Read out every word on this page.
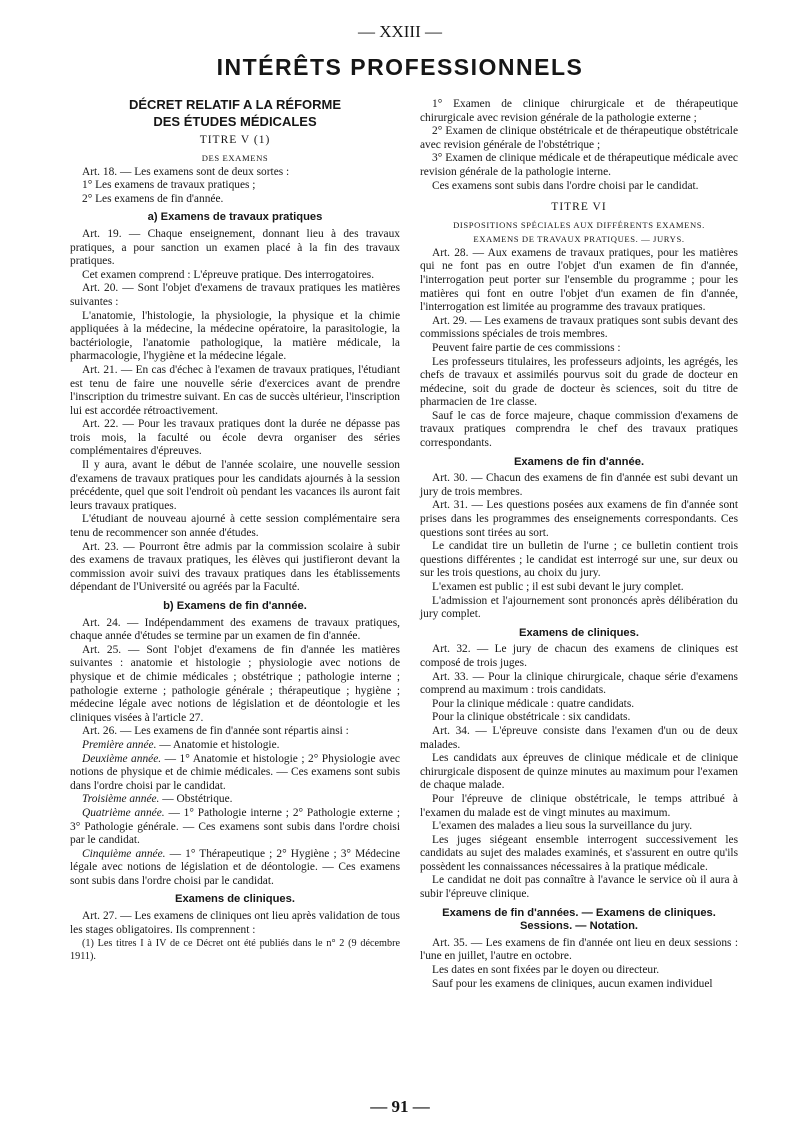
— XXIII —
INTÉRÊTS PROFESSIONNELS
DÉCRET RELATIF A LA RÉFORME
DES ÉTUDES MÉDICALES
TITRE V (1)
DES EXAMENS

Art. 18. — Les examens sont de deux sortes :

1° Les examens de travaux pratiques ;

2° Les examens de fin d'année.

a) Examens de travaux pratiques

Art. 19. — Chaque enseignement, donnant lieu à des travaux pratiques, a pour sanction un examen placé à la fin des travaux pratiques.

Cet examen comprend : L'épreuve pratique. Des interrogatoires.

Art. 20. — Sont l'objet d'examens de travaux pratiques les matières suivantes :

L'anatomie, l'histologie, la physiologie, la physique et la chimie appliquées à la médecine, la médecine opératoire, la parasitologie, la bactériologie, l'anatomie pathologique, la matière médicale, la pharmacologie, l'hygiène et la médecine légale.

Art. 21. — En cas d'échec à l'examen de travaux pratiques, l'étudiant est tenu de faire une nouvelle série d'exercices avant de prendre l'inscription du trimestre suivant. En cas de succès ultérieur, l'inscription lui est accordée rétroactivement.

Art. 22. — Pour les travaux pratiques dont la durée ne dépasse pas trois mois, la faculté ou école devra organiser des séries complémentaires d'épreuves.

Il y aura, avant le début de l'année scolaire, une nouvelle session d'examens de travaux pratiques pour les candidats ajournés à la session précédente, quel que soit l'endroit où pendant les vacances ils auront fait leurs travaux pratiques.

L'étudiant de nouveau ajourné à cette session complémentaire sera tenu de recommencer son année d'études.

Art. 23. — Pourront être admis par la commission scolaire à subir des examens de travaux pratiques, les élèves qui justifieront devant la commission avoir suivi des travaux pratiques dans les établissements dépendant de l'Université ou agréés par la Faculté.

b) Examens de fin d'année.

Art. 24. — Indépendamment des examens de travaux pratiques, chaque année d'études se termine par un examen de fin d'année.

Art. 25. — Sont l'objet d'examens de fin d'année les matières suivantes : anatomie et histologie ; physiologie avec notions de physique et de chimie médicales ; obstétrique ; pathologie interne ; pathologie externe ; pathologie générale ; thérapeutique ; hygiène ; médecine légale avec notions de législation et de déontologie et les cliniques visées à l'article 27.

Art. 26. — Les examens de fin d'année sont répartis ainsi :

Première année. — Anatomie et histologie.

Deuxième année. — 1° Anatomie et histologie ; 2° Physiologie avec notions de physique et de chimie médicales. — Ces examens sont subis dans l'ordre choisi par le candidat.

Troisième année. — Obstétrique.

Quatrième année. — 1° Pathologie interne ; 2° Pathologie externe ; 3° Pathologie générale. — Ces examens sont subis dans l'ordre choisi par le candidat.

Cinquième année. — 1° Thérapeutique ; 2° Hygiène ; 3° Médecine légale avec notions de législation et de déontologie. — Ces examens sont subis dans l'ordre choisi par le candidat.

Examens de cliniques.

Art. 27. — Les examens de cliniques ont lieu après validation de tous les stages obligatoires. Ils comprennent :

(1) Les titres I à IV de ce Décret ont été publiés dans le n° 2 (9 décembre 1911).

1° Examen de clinique chirurgicale et de thérapeutique chirurgicale avec revision générale de la pathologie externe ;

2° Examen de clinique obstétricale et de thérapeutique obstétricale avec revision générale de l'obstétrique ;

3° Examen de clinique médicale et de thérapeutique médicale avec revision générale de la pathologie interne.

Ces examens sont subis dans l'ordre choisi par le candidat.

TITRE VI
DISPOSITIONS SPÉCIALES AUX DIFFÉRENTS EXAMENS.
EXAMENS DE TRAVAUX PRATIQUES. — JURYS.

Art. 28. — Aux examens de travaux pratiques, pour les matières qui ne font pas en outre l'objet d'un examen de fin d'année, l'interrogation peut porter sur l'ensemble du programme ; pour les matières qui font en outre l'objet d'un examen de fin d'année, l'interrogation est limitée au programme des travaux pratiques.

Art. 29. — Les examens de travaux pratiques sont subis devant des commissions spéciales de trois membres.

Peuvent faire partie de ces commissions :

Les professeurs titulaires, les professeurs adjoints, les agrégés, les chefs de travaux et assimilés pourvus soit du grade de docteur en médecine, soit du grade de docteur ès sciences, soit du titre de pharmacien de 1re classe.

Sauf le cas de force majeure, chaque commission d'examens de travaux pratiques comprendra le chef des travaux pratiques correspondants.

Examens de fin d'année.

Art. 30. — Chacun des examens de fin d'année est subi devant un jury de trois membres.

Art. 31. — Les questions posées aux examens de fin d'année sont prises dans les programmes des enseignements correspondants. Ces questions sont tirées au sort.

Le candidat tire un bulletin de l'urne ; ce bulletin contient trois questions différentes ; le candidat est interrogé sur une, sur deux ou sur les trois questions, au choix du jury.

L'examen est public ; il est subi devant le jury complet.

L'admission et l'ajournement sont prononcés après délibération du jury complet.

Examens de cliniques.

Art. 32. — Le jury de chacun des examens de cliniques est composé de trois juges.

Art. 33. — Pour la clinique chirurgicale, chaque série d'examens comprend au maximum : trois candidats.

Pour la clinique médicale : quatre candidats.

Pour la clinique obstétricale : six candidats.

Art. 34. — L'épreuve consiste dans l'examen d'un ou de deux malades.

Les candidats aux épreuves de clinique médicale et de clinique chirurgicale disposent de quinze minutes au maximum pour l'examen de chaque malade.

Pour l'épreuve de clinique obstétricale, le temps attribué à l'examen du malade est de vingt minutes au maximum.

L'examen des malades a lieu sous la surveillance du jury.

Les juges siégeant ensemble interrogent successivement les candidats au sujet des malades examinés, et s'assurent en outre qu'ils possèdent les connaissances nécessaires à la pratique médicale.

Le candidat ne doit pas connaître à l'avance le service où il aura à subir l'épreuve clinique.

Examens de fin d'années. — Examens de cliniques.
Sessions. — Notation.

Art. 35. — Les examens de fin d'année ont lieu en deux sessions : l'une en juillet, l'autre en octobre.

Les dates en sont fixées par le doyen ou directeur.

Sauf pour les examens de cliniques, aucun examen individuel

— 91 —
